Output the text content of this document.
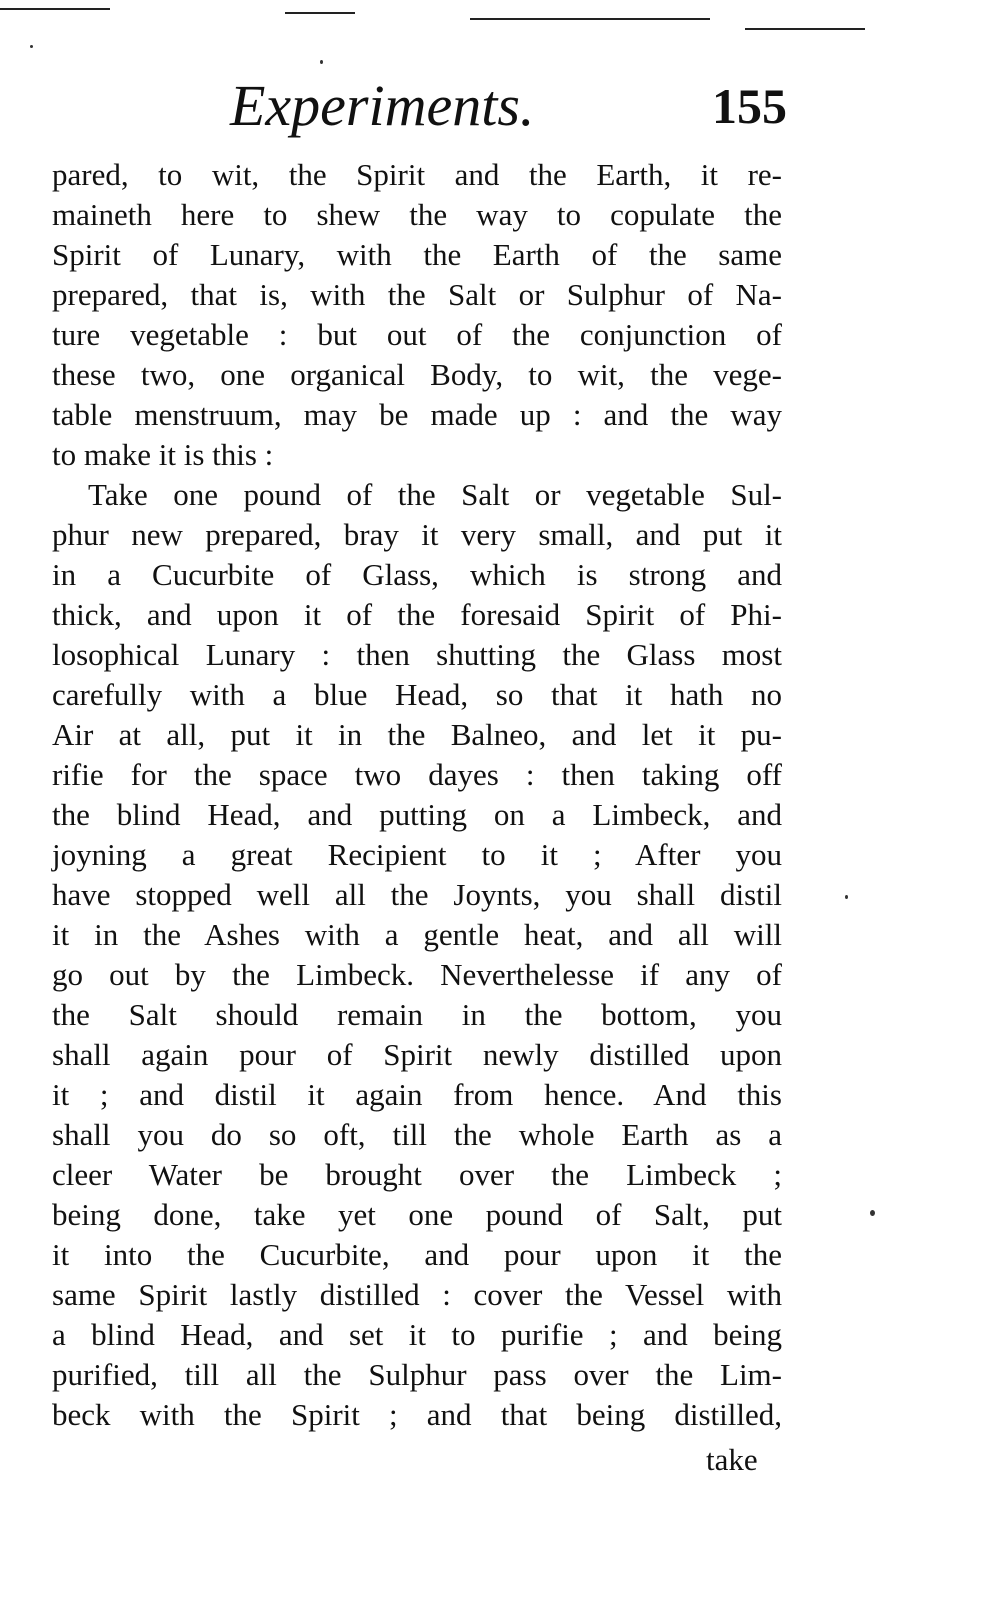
Experiments.	155
pared, to wit, the Spirit and the Earth, it re-
maineth here to shew the way to copulate the
Spirit of Lunary, with the Earth of the same
prepared, that is, with the Salt or Sulphur of Na-
ture vegetable : but out of the conjunction of
these two, one organical Body, to wit, the vege-
table menstruum, may be made up : and the way
to make it is this :
Take one pound of the Salt or vegetable Sul-
phur new prepared, bray it very small, and put it
in a Cucurbite of Glass, which is strong and
thick, and upon it of the foresaid Spirit of Phi-
losophical Lunary : then shutting the Glass most
carefully with a blue Head, so that it hath no
Air at all, put it in the Balneo, and let it pu-
rifie for the space two dayes : then taking off
the blind Head, and putting on a Limbeck, and
joyning a great Recipient to it ; After you
have stopped well all the Joynts, you shall distil
it in the Ashes with a gentle heat, and all will
go out by the Limbeck. Neverthelesse if any of
the Salt should remain in the bottom, you
shall again pour of Spirit newly distilled upon
it ; and distil it again from hence. And this
shall you do so oft, till the whole Earth as a
cleer Water be brought over the Limbeck ;
being done, take yet one pound of Salt, put
it into the Cucurbite, and pour upon it the
same Spirit lastly distilled : cover the Vessel with
a blind Head, and set it to purifie ; and being
purified, till all the Sulphur pass over the Lim-
beck with the Spirit ; and that being distilled,
take
